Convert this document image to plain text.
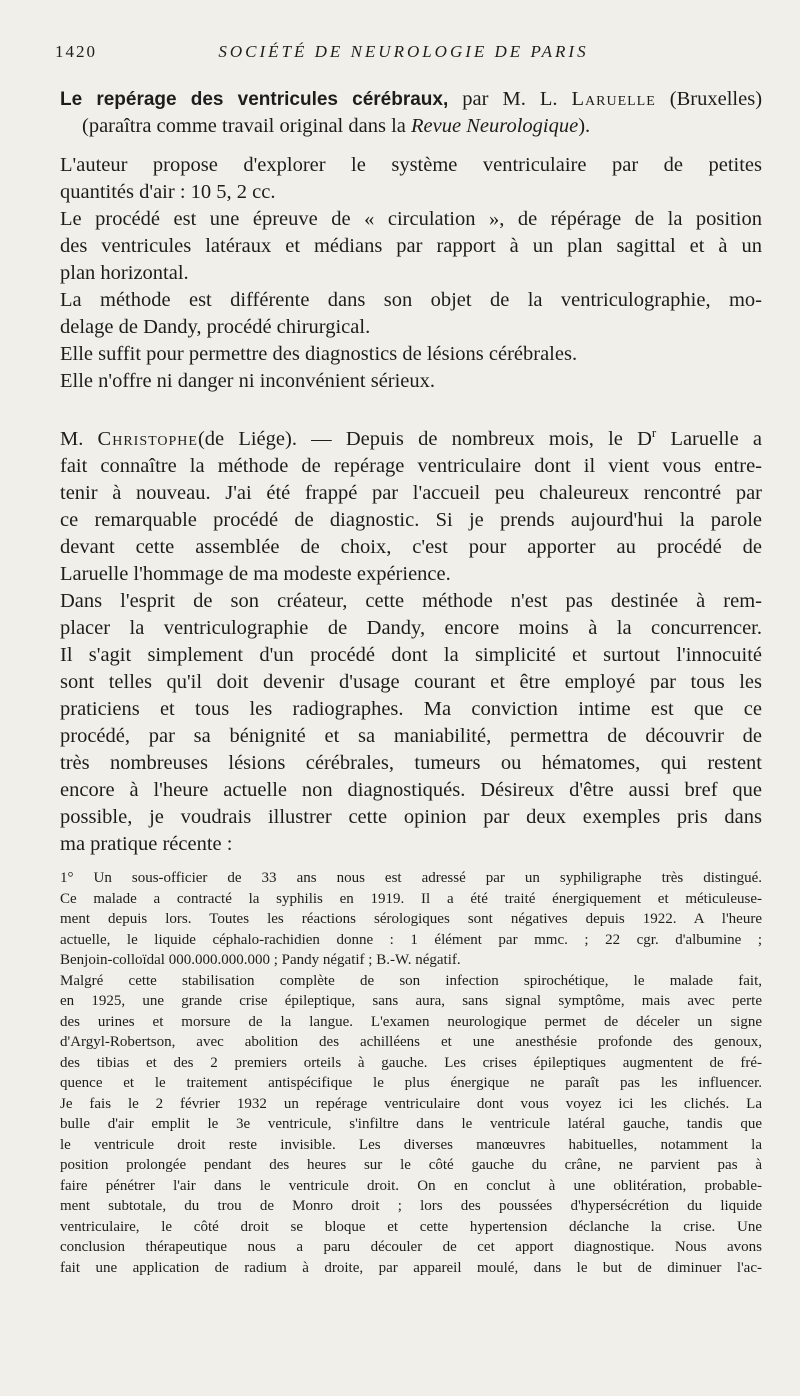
1420	SOCIÉTÉ DE NEUROLOGIE DE PARIS
Le repérage des ventricules cérébraux, par M. L. Laruelle (Bruxelles)
(paraîtra comme travail original dans la Revue Neurologique).
L'auteur propose d'explorer le système ventriculaire par de petites
quantités d'air : 10 5, 2 cc.
Le procédé est une épreuve de « circulation », de répérage de la position
des ventricules latéraux et médians par rapport à un plan sagittal et à un
plan horizontal.
La méthode est différente dans son objet de la ventriculographie, mo-
delage de Dandy, procédé chirurgical.
Elle suffit pour permettre des diagnostics de lésions cérébrales.
Elle n'offre ni danger ni inconvénient sérieux.
M. Christophe(de Liége). — Depuis de nombreux mois, le $D^r$ Laruelle a
fait connaître la méthode de repérage ventriculaire dont il vient vous entre-
tenir à nouveau. J'ai été frappé par l'accueil peu chaleureux rencontré par
ce remarquable procédé de diagnostic. Si je prends aujourd'hui la parole
devant cette assemblée de choix, c'est pour apporter au procédé de
Laruelle l'hommage de ma modeste expérience.
Dans l'esprit de son créateur, cette méthode n'est pas destinée à rem-
placer la ventriculographie de Dandy, encore moins à la concurrencer.
Il s'agit simplement d'un procédé dont la simplicité et surtout l'innocuité
sont telles qu'il doit devenir d'usage courant et être employé par tous les
praticiens et tous les radiographes. Ma conviction intime est que ce
procédé, par sa bénignité et sa maniabilité, permettra de découvrir de
très nombreuses lésions cérébrales, tumeurs ou hématomes, qui restent
encore à l'heure actuelle non diagnostiqués. Désireux d'être aussi bref que
possible, je voudrais illustrer cette opinion par deux exemples pris dans
ma pratique récente :
1° Un sous-officier de 33 ans nous est adressé par un syphiligraphe très distingué.
Ce malade a contracté la syphilis en 1919. Il a été traité énergiquement et méticuleuse-
ment depuis lors. Toutes les réactions sérologiques sont négatives depuis 1922. A l'heure
actuelle, le liquide céphalo-rachidien donne : 1 élément par mmc. ; 22 cgr. d'albumine ;
Benjoin-colloïdal 000.000.000.000 ; Pandy négatif ; B.-W. négatif.
Malgré cette stabilisation complète de son infection spirochétique, le malade fait,
en 1925, une grande crise épileptique, sans aura, sans signal symptôme, mais avec perte
des urines et morsure de la langue. L'examen neurologique permet de déceler un signe
d'Argyl-Robertson, avec abolition des achilléens et une anesthésie profonde des genoux,
des tibias et des 2 premiers orteils à gauche. Les crises épileptiques augmentent de fré-
quence et le traitement antispécifique le plus énergique ne paraît pas les influencer.
Je fais le 2 février 1932 un repérage ventriculaire dont vous voyez ici les clichés. La
bulle d'air emplit le 3e ventricule, s'infiltre dans le ventricule latéral gauche, tandis que
le ventricule droit reste invisible. Les diverses manœuvres habituelles, notamment la
position prolongée pendant des heures sur le côté gauche du crâne, ne parvient pas à
faire pénétrer l'air dans le ventricule droit. On en conclut à une oblitération, probable-
ment subtotale, du trou de Monro droit ; lors des poussées d'hypersécrétion du liquide
ventriculaire, le côté droit se bloque et cette hypertension déclanche la crise. Une
conclusion thérapeutique nous a paru découler de cet apport diagnostique. Nous avons
fait une application de radium à droite, par appareil moulé, dans le but de diminuer l'ac-
